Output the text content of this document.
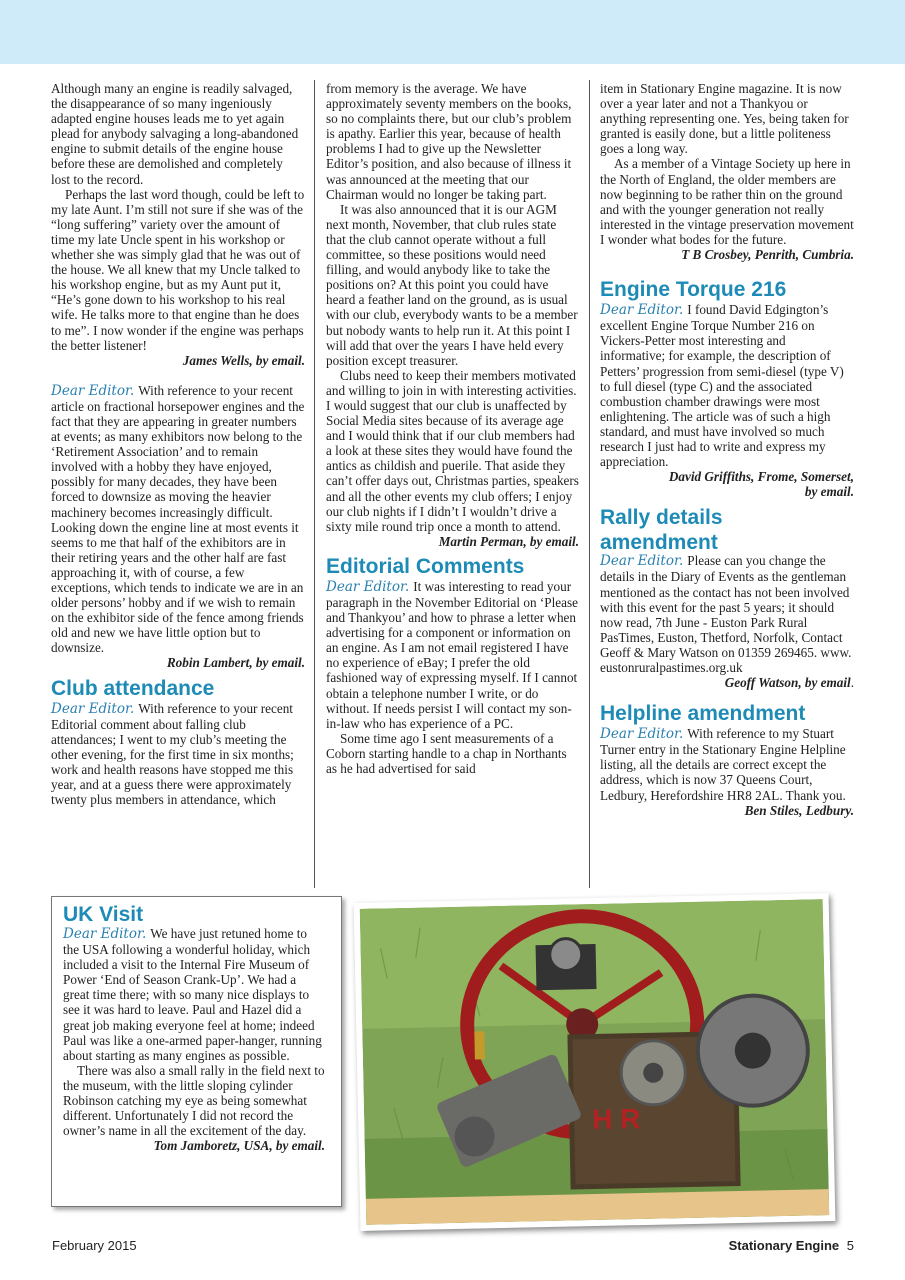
Although many an engine is readily salvaged, the disappearance of so many ingeniously adapted engine houses leads me to yet again plead for anybody salvaging a long-abandoned engine to submit details of the engine house before these are demolished and completely lost to the record.

Perhaps the last word though, could be left to my late Aunt. I’m still not sure if she was of the “long suffering” variety over the amount of time my late Uncle spent in his workshop or whether she was simply glad that he was out of the house. We all knew that my Uncle talked to his workshop engine, but as my Aunt put it, “He’s gone down to his workshop to his real wife. He talks more to that engine than he does to me”. I now wonder if the engine was perhaps the better listener!

James Wells, by email.

Dear Editor. With reference to your recent article on fractional horsepower engines and the fact that they are appearing in greater numbers at events; as many exhibitors now belong to the ‘Retirement Association’ and to remain involved with a hobby they have enjoyed, possibly for many decades, they have been forced to downsize as moving the heavier machinery becomes increasingly difficult. Looking down the engine line at most events it seems to me that half of the exhibitors are in their retiring years and the other half are fast approaching it, with of course, a few exceptions, which tends to indicate we are in an older persons’ hobby and if we wish to remain on the exhibitor side of the fence among friends old and new we have little option but to downsize.

Robin Lambert, by email.

Club attendance

Dear Editor. With reference to your recent Editorial comment about falling club attendances; I went to my club’s meeting the other evening, for the first time in six months; work and health reasons have stopped me this year, and at a guess there were approximately twenty plus members in attendance, which

from memory is the average. We have approximately seventy members on the books, so no complaints there, but our club’s problem is apathy. Earlier this year, because of health problems I had to give up the Newsletter Editor’s position, and also because of illness it was announced at the meeting that our Chairman would no longer be taking part.

It was also announced that it is our AGM next month, November, that club rules state that the club cannot operate without a full committee, so these positions would need filling, and would anybody like to take the positions on? At this point you could have heard a feather land on the ground, as is usual with our club, everybody wants to be a member but nobody wants to help run it. At this point I will add that over the years I have held every position except treasurer.

Clubs need to keep their members motivated and willing to join in with interesting activities. I would suggest that our club is unaffected by Social Media sites because of its average age and I would think that if our club members had a look at these sites they would have found the antics as childish and puerile. That aside they can’t offer days out, Christmas parties, speakers and all the other events my club offers; I enjoy our club nights if I didn’t I wouldn’t drive a sixty mile round trip once a month to attend.

Martin Perman, by email.

Editorial Comments

Dear Editor. It was interesting to read your paragraph in the November Editorial on ‘Please and Thankyou’ and how to phrase a letter when advertising for a component or information on an engine. As I am not email registered I have no experience of eBay; I prefer the old fashioned way of expressing myself. If I cannot obtain a telephone number I write, or do without. If needs persist I will contact my son-in-law who has experience of a PC.

Some time ago I sent measurements of a Coborn starting handle to a chap in Northants as he had advertised for said

item in Stationary Engine magazine. It is now over a year later and not a Thankyou or anything representing one. Yes, being taken for granted is easily done, but a little politeness goes a long way.

As a member of a Vintage Society up here in the North of England, the older members are now beginning to be rather thin on the ground and with the younger generation not really interested in the vintage preservation movement I wonder what bodes for the future.

T B Crosbey, Penrith, Cumbria.

Engine Torque 216

Dear Editor. I found David Edgington’s excellent Engine Torque Number 216 on Vickers-Petter most interesting and informative; for example, the description of Petters’ progression from semi-diesel (type V) to full diesel (type C) and the associated combustion chamber drawings were most enlightening. The article was of such a high standard, and must have involved so much research I just had to write and express my appreciation.

David Griffiths, Frome, Somerset,

by email.

Rally details
amendment

Dear Editor. Please can you change the details in the Diary of Events as the gentleman mentioned as the contact has not been involved with this event for the past 5 years; it should now read, 7th June - Euston Park Rural PasTimes, Euston, Thetford, Norfolk, Contact Geoff & Mary Watson on 01359 269465. www. eustonruralpastimes.org.uk

Geoff Watson, by email.

Helpline amendment

Dear Editor. With reference to my Stuart Turner entry in the Stationary Engine Helpline listing, all the details are correct except the address, which is now 37 Queens Court, Ledbury, Herefordshire HR8 2AL. Thank you.

Ben Stiles, Ledbury.

UK Visit

Dear Editor. We have just retuned home to the USA following a wonderful holiday, which included a visit to the Internal Fire Museum of Power ‘End of Season Crank-Up’. We had a great time there; with so many nice displays to see it was hard to leave. Paul and Hazel did a great job making everyone feel at home; indeed Paul was like a one-armed paper-hanger, running about starting as many engines as possible.

There was also a small rally in the field next to the museum, with the little sloping cylinder Robinson catching my eye as being somewhat different. Unfortunately I did not record the owner’s name in all the excitement of the day.

Tom Jamboretz, USA, by email.

H R
February 2015	Stationary Engine 5
